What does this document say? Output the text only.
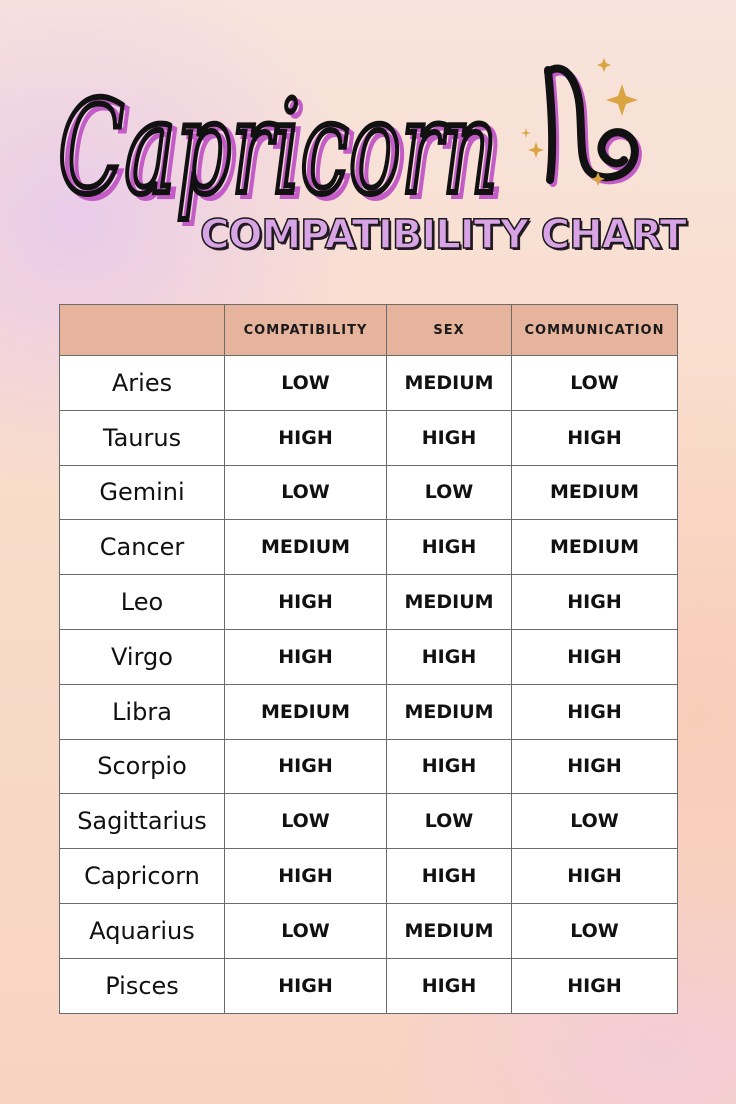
Capricorn
Capricorn
COMPATIBILITY CHART
	COMPATIBILITY	SEX	COMMUNICATION
Aries	LOW	MEDIUM	LOW
Taurus	HIGH	HIGH	HIGH
Gemini	LOW	LOW	MEDIUM
Cancer	MEDIUM	HIGH	MEDIUM
Leo	HIGH	MEDIUM	HIGH
Virgo	HIGH	HIGH	HIGH
Libra	MEDIUM	MEDIUM	HIGH
Scorpio	HIGH	HIGH	HIGH
Sagittarius	LOW	LOW	LOW
Capricorn	HIGH	HIGH	HIGH
Aquarius	LOW	MEDIUM	LOW
Pisces	HIGH	HIGH	HIGH
